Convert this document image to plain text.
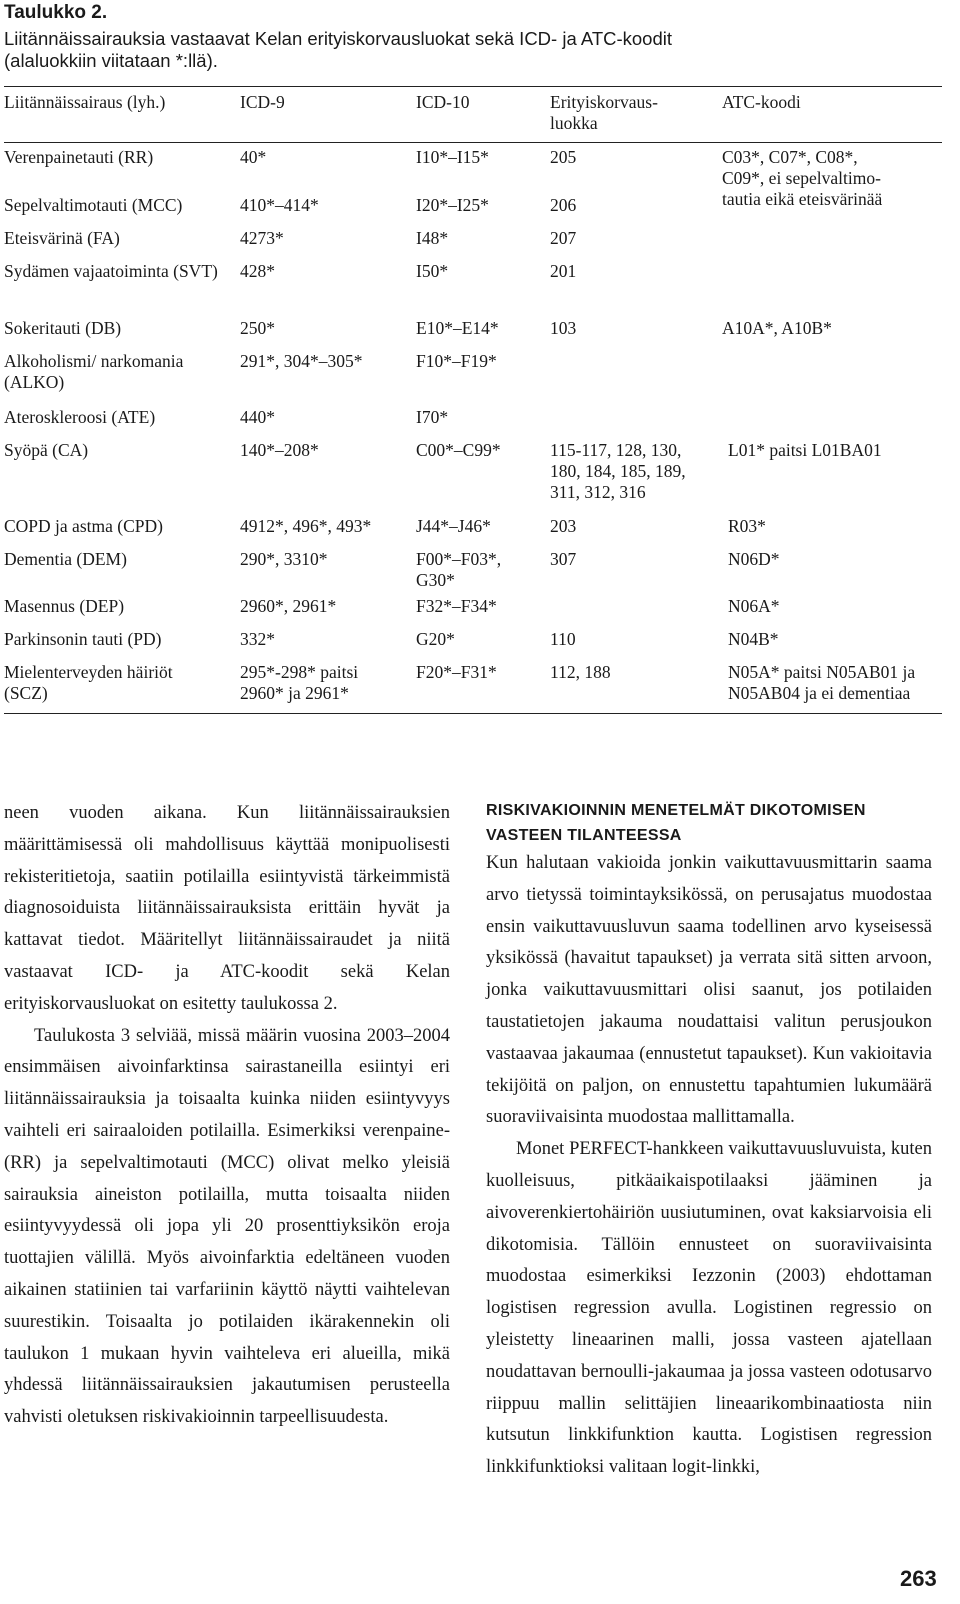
Taulukko 2.

Liitännäissairauksia vastaavat Kelan erityiskorvausluokat sekä ICD- ja ATC-koodit
(alaluokkiin viitataan *:llä).

Liitännäissairaus (lyh.)	ICD-9	ICD-10	Erityiskorvaus-
luokka	ATC-koodi
Verenpainetauti (RR)	40*	I10*–I15*	205	C03*, C07*, C08*,
C09*, ei sepelvaltimo-
tautia eikä eteisvärinää
Sepelvaltimotauti (MCC)	410*–414*	I20*–I25*	206	
Eteisvärinä (FA)	4273*	I48*	207	
Sydämen vajaatoiminta (SVT)	428*	I50*	201	
Sokeritauti (DB)	250*	E10*–E14*	103	A10A*, A10B*
Alkoholismi/ narkomania (ALKO)	291*, 304*–305*	F10*–F19*		
Ateroskleroosi (ATE)	440*	I70*		
Syöpä (CA)	140*–208*	C00*–C99*	115-117, 128, 130, 180, 184, 185, 189, 311, 312, 316	L01* paitsi L01BA01
COPD ja astma (CPD)	4912*, 496*, 493*	J44*–J46*	203	R03*
Dementia (DEM)	290*, 3310*	F00*–F03*, G30*	307	N06D*
Masennus (DEP)	2960*, 2961*	F32*–F34*		N06A*
Parkinsonin tauti (PD)	332*	G20*	110	N04B*
Mielenterveyden häiriöt (SCZ)	295*-298* paitsi 2960* ja 2961*	F20*–F31*	112, 188	N05A* paitsi N05AB01 ja N05AB04 ja ei dementiaa

neen vuoden aikana. Kun liitännäissairauksien määrittämisessä oli mahdollisuus käyttää monipuolisesti rekisteritietoja, saatiin potilailla esiintyvistä tärkeimmistä diagnosoiduista liitännäissairauksista erittäin hyvät ja kattavat tiedot. Määritellyt liitännäissairaudet ja niitä vastaavat ICD- ja ATC-koodit sekä Kelan erityiskorvausluokat on esitetty taulukossa 2.

Taulukosta 3 selviää, missä määrin vuosina 2003–2004 ensimmäisen aivoinfarktinsa sairastaneilla esiintyi eri liitännäissairauksia ja toisaalta kuinka niiden esiintyvyys vaihteli eri sairaaloiden potilailla. Esimerkiksi verenpaine- (RR) ja sepelvaltimotauti (MCC) olivat melko yleisiä sairauksia aineiston potilailla, mutta toisaalta niiden esiintyvyydessä oli jopa yli 20 prosenttiyksikön eroja tuottajien välillä. Myös aivoinfarktia edeltäneen vuoden aikainen statiinien tai varfariinin käyttö näytti vaihtelevan suurestikin. Toisaalta jo potilaiden ikärakennekin oli taulukon 1 mukaan hyvin vaihteleva eri alueilla, mikä yhdessä liitännäissairauksien jakautumisen perusteella vahvisti oletuksen riskivakioinnin tarpeellisuudesta.

RISKIVAKIOINNIN MENETELMÄT DIKOTOMISEN VASTEEN TILANTEESSA

Kun halutaan vakioida jonkin vaikuttavuusmittarin saama arvo tietyssä toimintayksikössä, on perusajatus muodostaa ensin vaikuttavuusluvun saama todellinen arvo kyseisessä yksikössä (havaitut tapaukset) ja verrata sitä sitten arvoon, jonka vaikuttavuusmittari olisi saanut, jos potilaiden taustatietojen jakauma noudattaisi valitun perusjoukon vastaavaa jakaumaa (ennustetut tapaukset). Kun vakioitavia tekijöitä on paljon, on ennustettu tapahtumien lukumäärä suoraviivaisinta muodostaa mallittamalla.

Monet PERFECT-hankkeen vaikuttavuusluvuista, kuten kuolleisuus, pitkäaikaispotilaaksi jääminen ja aivoverenkiertohäiriön uusiutuminen, ovat kaksiarvoisia eli dikotomisia. Tällöin ennusteet on suoraviivaisinta muodostaa esimerkiksi Iezzonin (2003) ehdottaman logistisen regression avulla. Logistinen regressio on yleistetty lineaarinen malli, jossa vasteen ajatellaan noudattavan bernoulli-jakaumaa ja jossa vasteen odotusarvo riippuu mallin selittäjien lineaarikombinaatiosta niin kutsutun linkkifunktion kautta. Logistisen regression linkkifunktioksi valitaan logit-linkki,

263
